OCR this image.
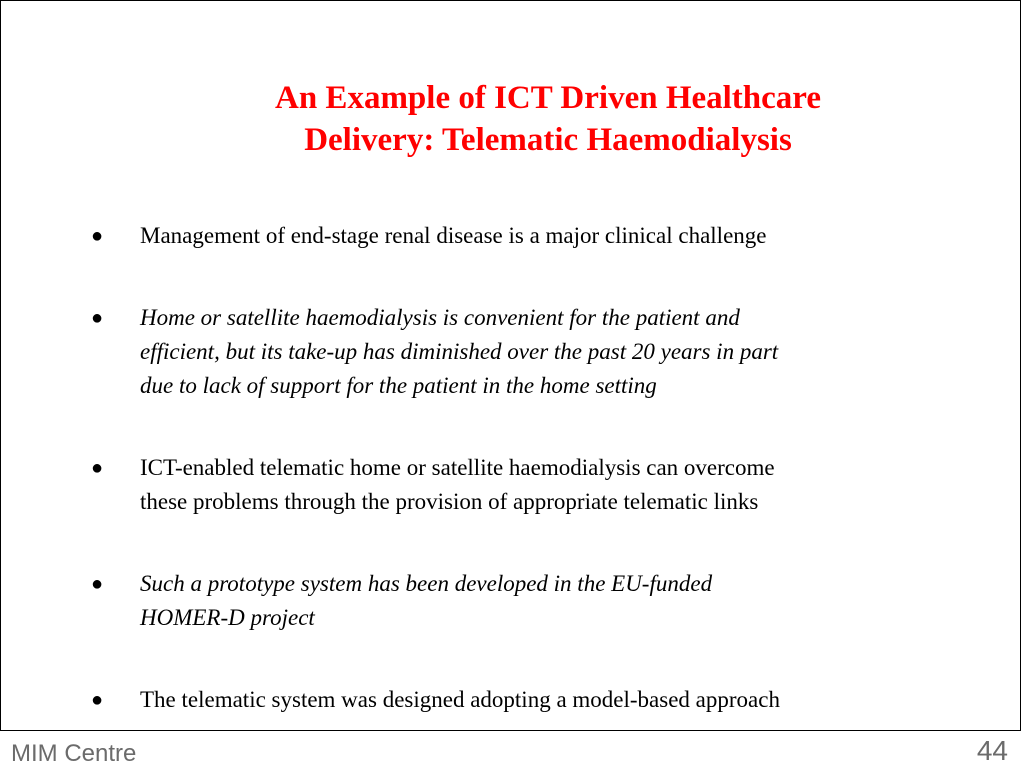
An Example of ICT Driven Healthcare
Delivery: Telematic Haemodialysis
● Management of end-stage renal disease is a major clinical challenge
● Home or satellite haemodialysis is convenient for the patient and
efficient, but its take-up has diminished over the past 20 years in part
due to lack of support for the patient in the home setting
● ICT-enabled telematic home or satellite haemodialysis can overcome
these problems through the provision of appropriate telematic links
● Such a prototype system has been developed in the EU-funded
HOMER-D project
● The telematic system was designed adopting a model-based approach
MIM Centre	44
